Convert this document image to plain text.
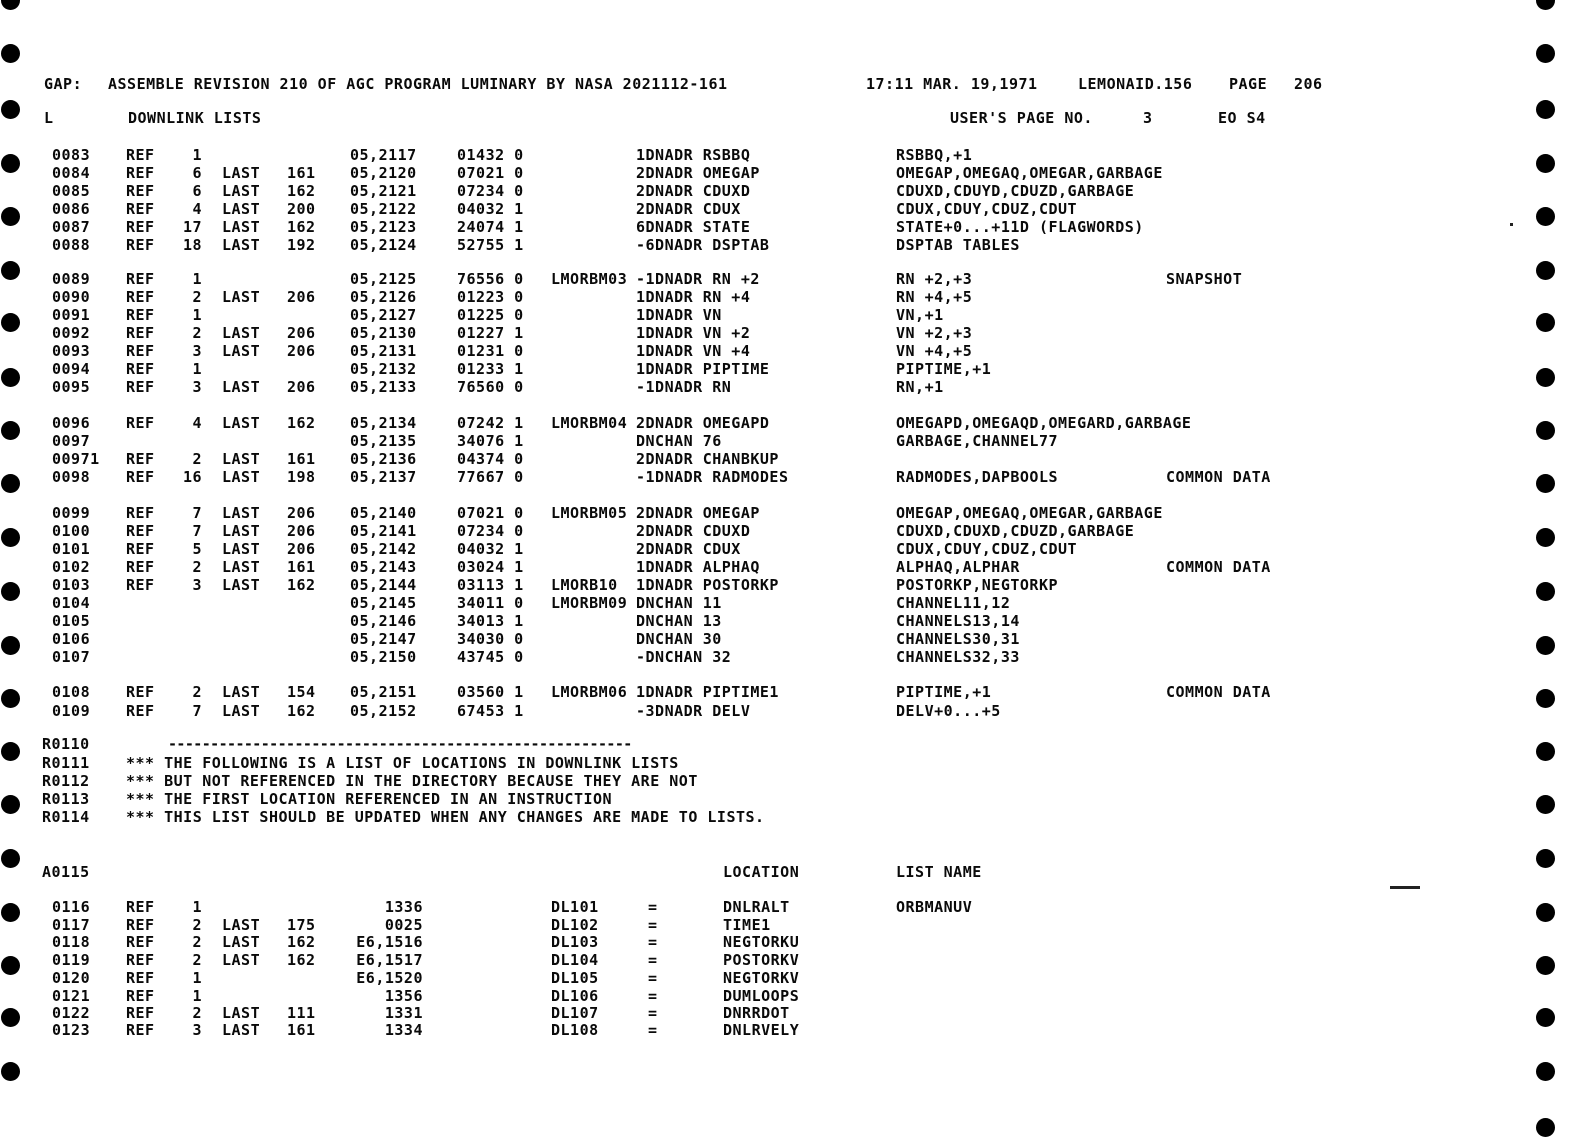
GAP:

ASSEMBLE REVISION 210 OF AGC PROGRAM LUMINARY BY NASA 2021112-161

	17:11 MAR. 19,1971

	LEMONAID.156

PAGE

206

L

	DOWNLINK LISTS

	USER'S PAGE NO.

	3

	EO S4

0083 REF	1	05,2117	01432 0	1DNADR RSBBQ	RSBBQ,+1
0084 REF	6 LAST 161 05,2120	07021 0	2DNADR OMEGAP	OMEGAP,OMEGAQ,OMEGAR,GARBAGE
0085 REF	6 LAST 162 05,2121	07234 0	2DNADR CDUXD	CDUXD,CDUYD,CDUZD,GARBAGE
0086 REF	4 LAST 200 05,2122	04032 1	2DNADR CDUX	CDUX,CDUY,CDUZ,CDUT
0087 REF	17 LAST 162 05,2123	24074 1	6DNADR STATE	STATE+0...+11D (FLAGWORDS)
0088 REF	18 LAST 192 05,2124	52755 1	-6DNADR DSPTAB	DSPTAB TABLES
0089 REF	1	05,2125	76556 0 LMORBM03 -1DNADR RN +2	RN +2,+3	SNAPSHOT
0090 REF	2 LAST 206 05,2126	01223 0	1DNADR RN +4	RN +4,+5
0091 REF	1	05,2127	01225 0	1DNADR VN	VN,+1
0092 REF	2 LAST 206 05,2130	01227 1	1DNADR VN +2	VN +2,+3
0093 REF	3 LAST 206 05,2131	01231 0	1DNADR VN +4	VN +4,+5
0094 REF	1	05,2132	01233 1	1DNADR PIPTIME	PIPTIME,+1
0095 REF	3 LAST 206 05,2133	76560 0	-1DNADR RN	RN,+1
0096 REF	4 LAST 162 05,2134	07242 1 LMORBM04 2DNADR OMEGAPD	OMEGAPD,OMEGAQD,OMEGARD,GARBAGE
0097	05,2135	34076 1	DNCHAN 76	GARBAGE,CHANNEL77
00971 REF	2 LAST 161 05,2136	04374 0	2DNADR CHANBKUP
0098 REF	16 LAST 198 05,2137	77667 0	-1DNADR RADMODES	RADMODES,DAPBOOLS	COMMON DATA
0099 REF	7 LAST 206 05,2140	07021 0 LMORBM05 2DNADR OMEGAP	OMEGAP,OMEGAQ,OMEGAR,GARBAGE
0100 REF	7 LAST 206 05,2141	07234 0	2DNADR CDUXD	CDUXD,CDUXD,CDUZD,GARBAGE
0101 REF	5 LAST 206 05,2142	04032 1	2DNADR CDUX	CDUX,CDUY,CDUZ,CDUT
0102 REF	2 LAST 161 05,2143	03024 1	1DNADR ALPHAQ	ALPHAQ,ALPHAR	COMMON DATA
0103 REF	3 LAST 162 05,2144	03113 1 LMORB10 1DNADR POSTORKP	POSTORKP,NEGTORKP
0104	05,2145	34011 0 LMORBM09 DNCHAN 11	CHANNEL11,12
0105	05,2146	34013 1	DNCHAN 13	CHANNELS13,14
0106	05,2147	34030 0	DNCHAN 30	CHANNELS30,31
0107	05,2150	43745 0	-DNCHAN 32	CHANNELS32,33
0108 REF	2 LAST 154 05,2151	03560 1 LMORBM06 1DNADR PIPTIME1	PIPTIME,+1	COMMON DATA
0109 REF	7 LAST 162 05,2152	67453 1	-3DNADR DELV	DELV+0...+5
R0110	-------------------------------------------------------
R0111 *** THE FOLLOWING IS A LIST OF LOCATIONS IN DOWNLINK LISTS
R0112 *** BUT NOT REFERENCED IN THE DIRECTORY BECAUSE THEY ARE NOT
R0113 *** THE FIRST LOCATION REFERENCED IN AN INSTRUCTION
R0114 *** THIS LIST SHOULD BE UPDATED WHEN ANY CHANGES ARE MADE TO LISTS.
A0115	LOCATION	LIST NAME
0116 REF	1	1336	DL101	=	DNLRALT	ORBMANUV
0117 REF	2 LAST 175	0025	DL102	=	TIME1
0118 REF	2 LAST 162	E6,1516	DL103	=	NEGTORKU
0119 REF	2 LAST 162	E6,1517	DL104	=	POSTORKV
0120 REF	1	E6,1520	DL105	=	NEGTORKV
0121 REF	1	1356	DL106	=	DUMLOOPS
0122 REF	2 LAST 111	1331	DL107	=	DNRRDOT
0123 REF	3 LAST 161	1334	DL108	=	DNLRVELY
